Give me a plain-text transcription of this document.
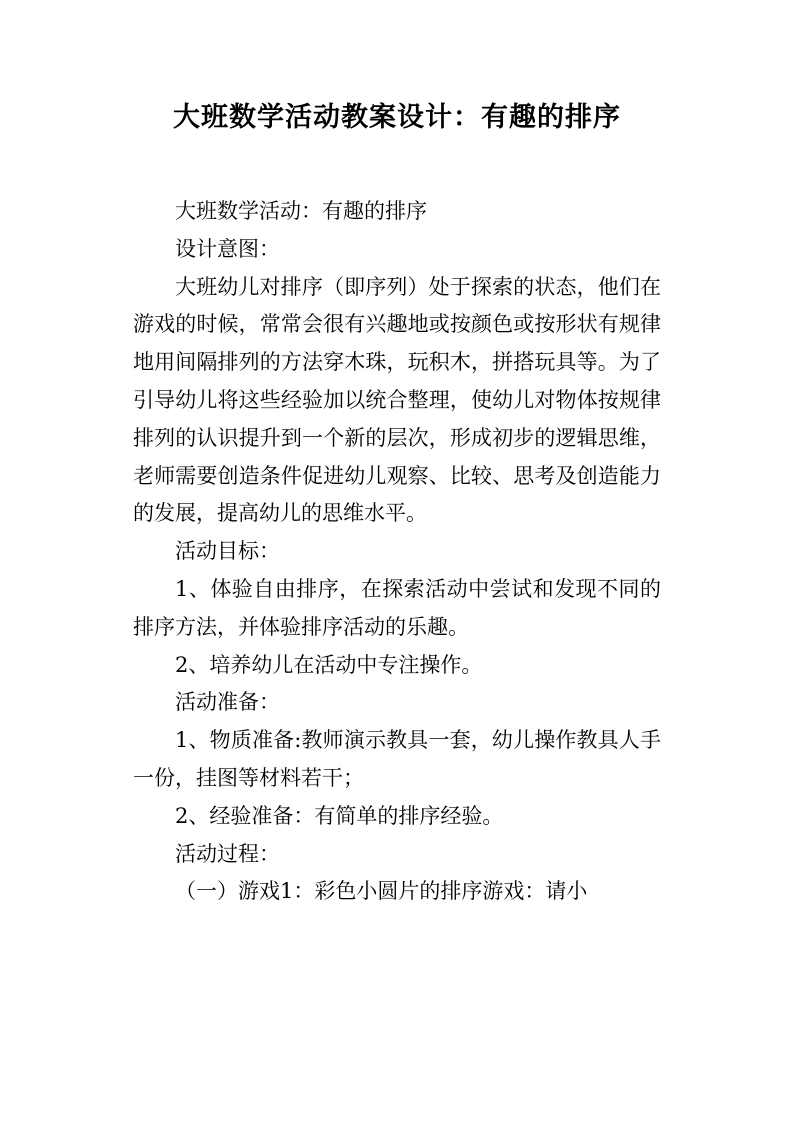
大班数学活动教案设计：有趣的排序

大班数学活动：有趣的排序

设计意图：

大班幼儿对排序（即序列）处于探索的状态，他们在游戏的时候，常常会很有兴趣地或按颜色或按形状有规律地用间隔排列的方法穿木珠，玩积木，拼搭玩具等。为了引导幼儿将这些经验加以统合整理，使幼儿对物体按规律排列的认识提升到一个新的层次，形成初步的逻辑思维，老师需要创造条件促进幼儿观察、比较、思考及创造能力的发展，提高幼儿的思维水平。

活动目标：

1、体验自由排序，在探索活动中尝试和发现不同的排序方法，并体验排序活动的乐趣。

2、培养幼儿在活动中专注操作。

活动准备：

1、物质准备:教师演示教具一套，幼儿操作教具人手一份，挂图等材料若干；

2、经验准备：有简单的排序经验。

活动过程：

（一）游戏1：彩色小圆片的排序游戏：请小
